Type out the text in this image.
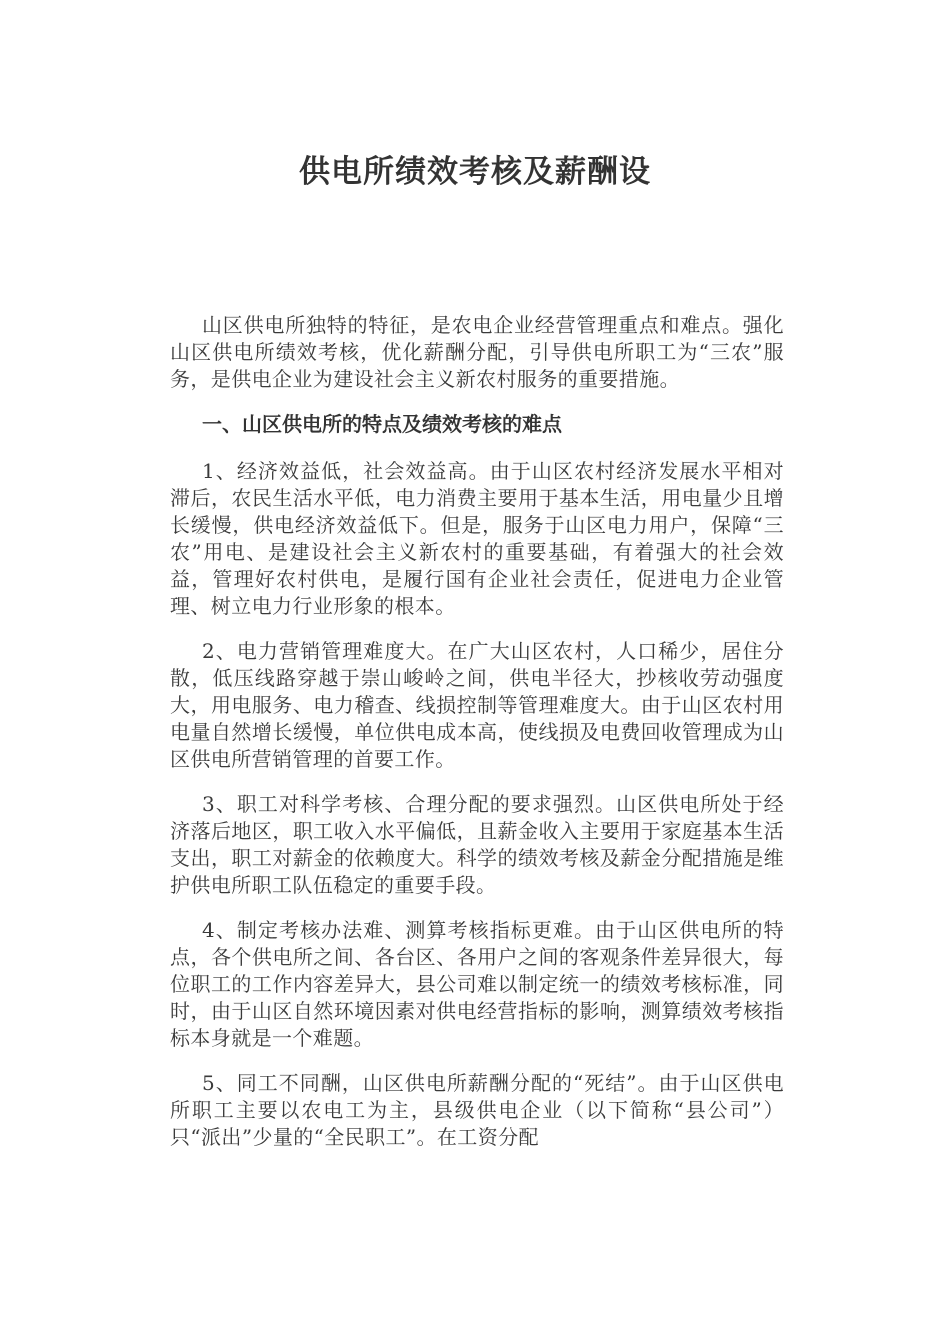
供电所绩效考核及薪酬设

山区供电所独特的特征，是农电企业经营管理重点和难点。强化山区供电所绩效考核，优化薪酬分配，引导供电所职工为“三农”服务，是供电企业为建设社会主义新农村服务的重要措施。

一、山区供电所的特点及绩效考核的难点

1、经济效益低，社会效益高。由于山区农村经济发展水平相对滞后，农民生活水平低，电力消费主要用于基本生活，用电量少且增长缓慢，供电经济效益低下。但是，服务于山区电力用户，保障“三农”用电、是建设社会主义新农村的重要基础，有着强大的社会效益，管理好农村供电，是履行国有企业社会责任，促进电力企业管理、树立电力行业形象的根本。

2、电力营销管理难度大。在广大山区农村，人口稀少，居住分散，低压线路穿越于崇山峻岭之间，供电半径大，抄核收劳动强度大，用电服务、电力稽查、线损控制等管理难度大。由于山区农村用电量自然增长缓慢，单位供电成本高，使线损及电费回收管理成为山区供电所营销管理的首要工作。

3、职工对科学考核、合理分配的要求强烈。山区供电所处于经济落后地区，职工收入水平偏低，且薪金收入主要用于家庭基本生活支出，职工对薪金的依赖度大。科学的绩效考核及薪金分配措施是维护供电所职工队伍稳定的重要手段。

4、制定考核办法难、测算考核指标更难。由于山区供电所的特点，各个供电所之间、各台区、各用户之间的客观条件差异很大，每位职工的工作内容差异大，县公司难以制定统一的绩效考核标准，同时，由于山区自然环境因素对供电经营指标的影响，测算绩效考核指标本身就是一个难题。

5、同工不同酬，山区供电所薪酬分配的“死结”。由于山区供电所职工主要以农电工为主，县级供电企业（以下简称“县公司”）只“派出”少量的“全民职工”。在工资分配
